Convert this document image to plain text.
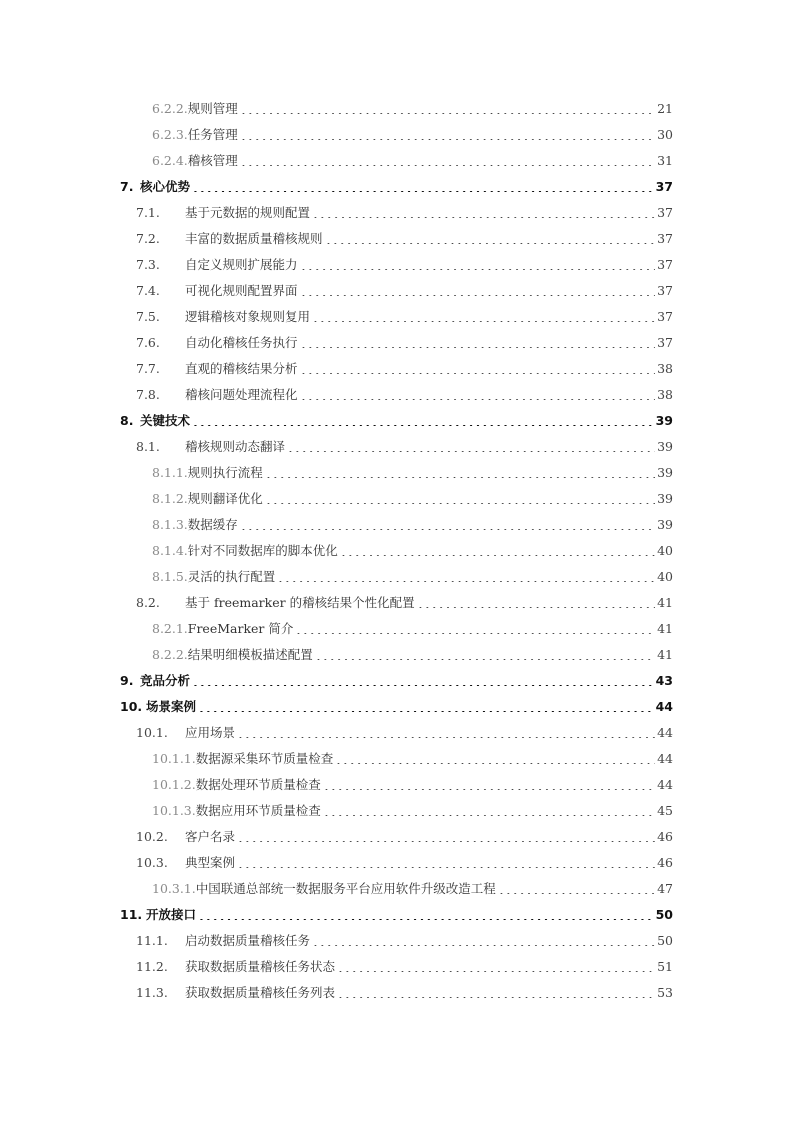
6.2.2. 规则管理	21
6.2.3. 任务管理	30
6.2.4. 稽核管理	31
7. 核心优势	37
7.1.	基于元数据的规则配置	37
7.2.	丰富的数据质量稽核规则	37
7.3.	自定义规则扩展能力	37
7.4.	可视化规则配置界面	37
7.5.	逻辑稽核对象规则复用	37
7.6.	自动化稽核任务执行	37
7.7.	直观的稽核结果分析	38
7.8.	稽核问题处理流程化	38
8. 关键技术	39
8.1.	稽核规则动态翻译	39
8.1.1. 规则执行流程	39
8.1.2. 规则翻译优化	39
8.1.3. 数据缓存	39
8.1.4. 针对不同数据库的脚本优化	40
8.1.5. 灵活的执行配置	40
8.2.	基于 freemarker 的稽核结果个性化配置	41
8.2.1. FreeMarker 简介	41
8.2.2. 结果明细模板描述配置	41
9. 竞品分析	43
10. 场景案例	44
10.1.	应用场景	44
10.1.1. 数据源采集环节质量检查	44
10.1.2. 数据处理环节质量检查	44
10.1.3. 数据应用环节质量检查	45
10.2.	客户名录	46
10.3.	典型案例	46
10.3.1. 中国联通总部统一数据服务平台应用软件升级改造工程	47
11. 开放接口	50
11.1.	启动数据质量稽核任务	50
11.2.	获取数据质量稽核任务状态	51
11.3.	获取数据质量稽核任务列表	53
